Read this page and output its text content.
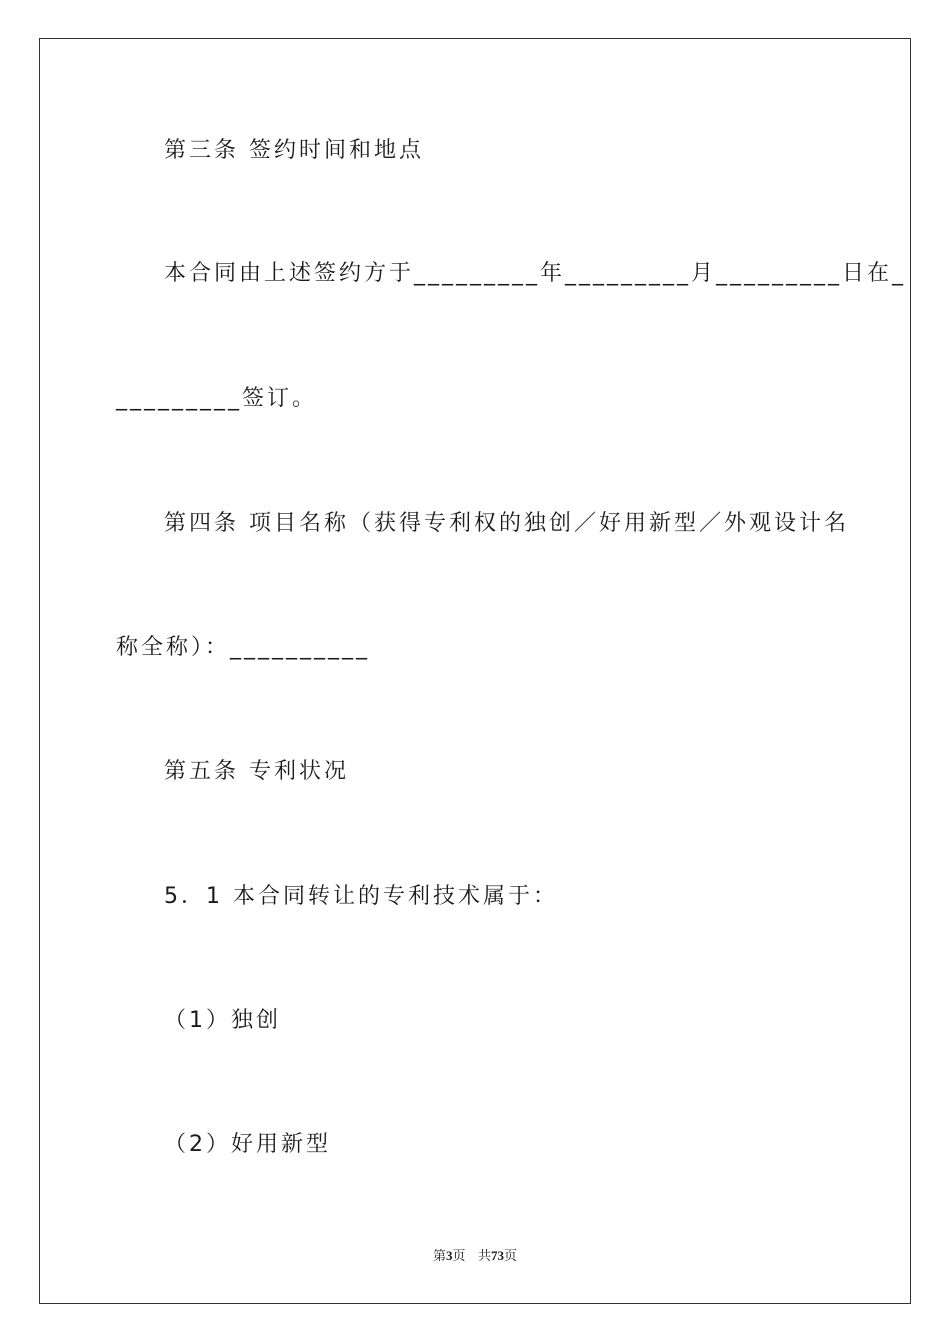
第三条 签约时间和地点
本合同由上述签约方于_________年_________月_________日在_
_________签订。
第四条 项目名称（获得专利权的独创／好用新型／外观设计名
称全称）：__________
第五条 专利状况
5．1 本合同转让的专利技术属于：
（1）独创
（2）好用新型
第3页 共73页
